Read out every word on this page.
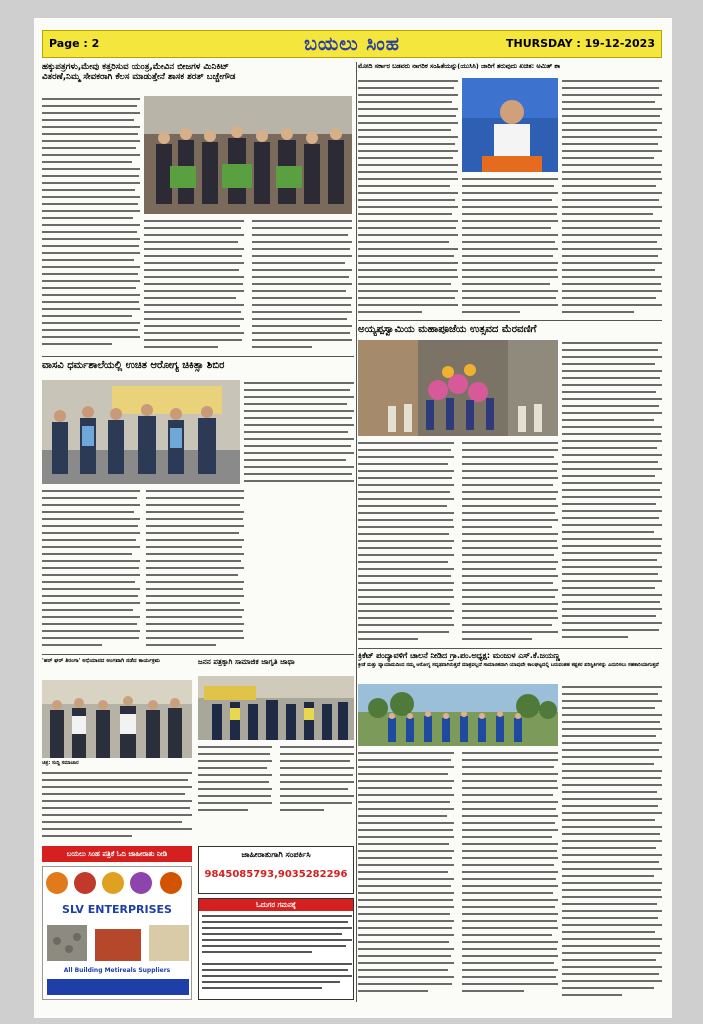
Page : 2	ಬಯಲು ಸಿಂಹ	THURSDAY : 19-12-2023
ಹಕ್ಕುಪತ್ರಗಳು,ಮೇವು ಕತ್ತರಿಸುವ ಯಂತ್ರ,ಮೇವಿನ ಬೀಜಗಳ ಮಿನಿಕಿಟ್
ವಿತರಣೆ,ನಿಮ್ಮ ಸೇವಕರಾಗಿ ಕೆಲಸ ಮಾಡುತ್ತೇನೆ ಶಾಸಕ ಶರತ್ ಬಚ್ಚೇಗೌಡ
ವಾಸವಿ ಧರ್ಮಶಾಲೆಯಲ್ಲಿ ಉಚಿತ ಆರೋಗ್ಯ ಚಿಕಿತ್ಸಾ ಶಿಬಿರ
'ಹರ್ ಘರ್ ತಿರಂಗಾ' ಅಭಿಯಾನದ ಅಂಗವಾಗಿ ನಡೆದ ಕಾರ್ಯಕ್ರಮ
ಚಿತ್ರ: ಸುದ್ದಿ ಸಮಾಚಾರ
ಜನನ ಪತ್ರಕ್ಕಾಗಿ ಸಾಮಾಜಿಕ ಜಾಗೃತಿ ಜಾಥಾ
ಬಯಲು ಸಿಂಹ ಪತ್ರಿಕೆ ಓದಿ ಜಾಹೀರಾತು ನೀಡಿ
SLV ENTERPRISES
All Building Metireals Suppliers
ಜಾಹೀರಾತುಗಾಗಿ ಸಂಪರ್ಕಿಸಿ
9845085793,9035282296
ಓದುಗರ ಗಮನಕ್ಕೆ
ಮೋದಿ ಸರ್ಕಾರ ಬಡವರು ನಾಗರಿಕ ಸಂಹಿತೆಯನ್ನು(ಯುಸಿಸಿ) ಜಾರಿಗೆ ತರುವುದು ಖಚಿತ: ಅಮಿತ್ ಶಾ
ಅಯ್ಯಪ್ಪಸ್ವಾಮಿಯ ಮಹಾಪೂಜೆಯ ಉತ್ಸವದ ಮೆರವಣಿಗೆ
ಕ್ರಿಕೆಟ್ ಪಂದ್ಯಾವಳಿಗೆ ಚಾಲನೆ ನೀಡಿದ ಗ್ರಾ.ಪಂ.ಅಧ್ಯಕ್ಷ: ಮಂಜುಳ ಎಸ್.ಕೆ.ಜಯಣ್ಣ
ಕ್ರೀಡೆ ಮತ್ತು ವ್ಯಾಯಾಮದಿಂದ ನಮ್ಮ ಆರೋಗ್ಯ ಸದೃಢವಾಗಿರುತ್ತದೆ ಮಾತ್ರವಲ್ಲದೆ ಸಾಮಾಜಿಕವಾಗಿ ಯಾವುದೇ ಕಾಲಘಟ್ಟದಲ್ಲಿ ಬರುವಂತಹ ಕಷ್ಟಕರ ಪರಿಸ್ಥಿತಿಗಳನ್ನು ಎದುರಿಸಲು ಸಹಕಾರಿಯಾಗುತ್ತವೆ
